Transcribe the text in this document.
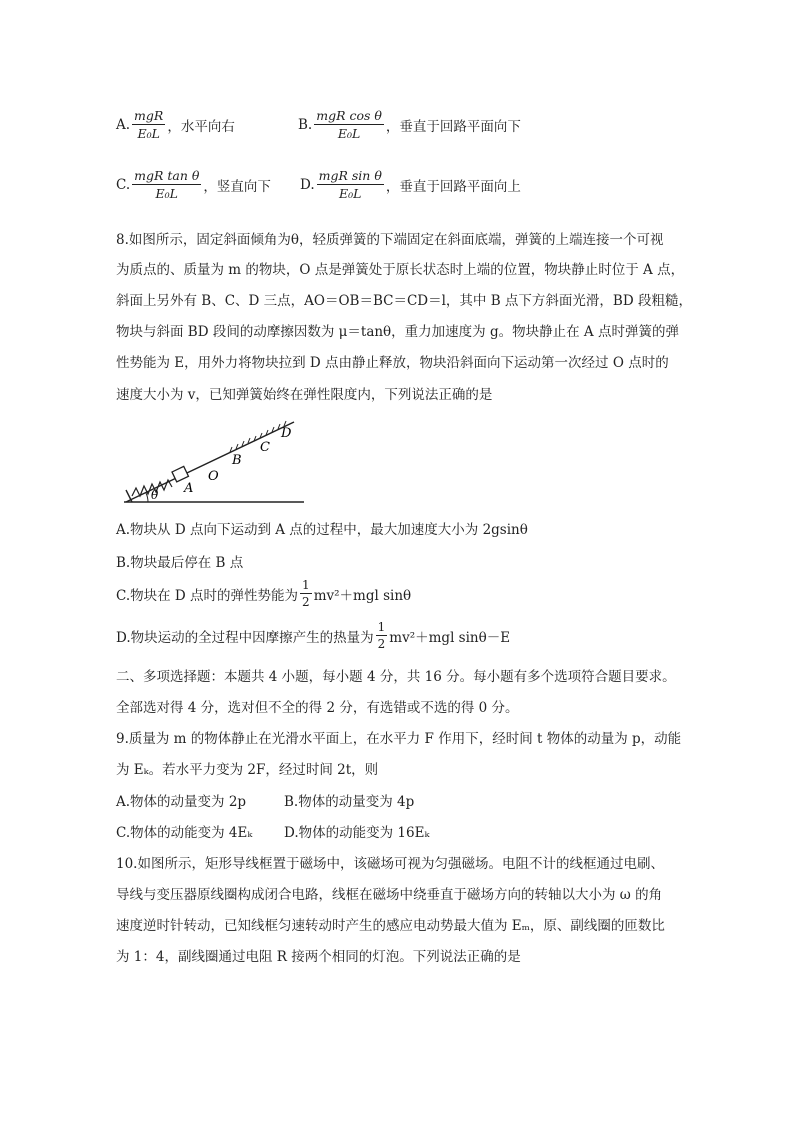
A. $\frac{\text{mgR}}{\text{E₀L}}$ ，水平向右	B. $\frac{\text{mgR cos θ}}{\text{E₀L}}$ ，垂直于回路平面向下
C. $\frac{\text{mgR tan θ}}{\text{E₀L}}$ ，竖直向下 D. $\frac{\text{mgR sin θ}}{\text{E₀L}}$ ，垂直于回路平面向上
8.如图所示，固定斜面倾角为θ，轻质弹簧的下端固定在斜面底端，弹簧的上端连接一个可视
为质点的、质量为 m 的物块，O 点是弹簧处于原长状态时上端的位置，物块静止时位于 A 点，
斜面上另外有 B、C、D 三点，AO＝OB＝BC＝CD＝l，其中 B 点下方斜面光滑，BD 段粗糙，
物块与斜面 BD 段间的动摩擦因数为 μ＝tanθ，重力加速度为 g。物块静止在 A 点时弹簧的弹
性势能为 E，用外力将物块拉到 D 点由静止释放，物块沿斜面向下运动第一次经过 O 点时的
速度大小为 v，已知弹簧始终在弹性限度内，下列说法正确的是
θ A
O
B
C
D
A.物块从 D 点向下运动到 A 点的过程中，最大加速度大小为 2gsinθ
B.物块最后停在 B 点
C.物块在 D 点时的弹性势能为 $\frac{1}{2} mv^2+mgl$ sinθ
D.物块运动的全过程中因摩擦产生的热量为 $\frac{1}{2} mv^2+mgl$ sinθ－E
二、多项选择题：本题共 4 小题，每小题 4 分，共 16 分。每小题有多个选项符合题目要求。
全部选对得 4 分，选对但不全的得 2 分，有选错或不选的得 0 分。
9.质量为 m 的物体静止在光滑水平面上，在水平力 F 作用下，经时间 t 物体的动量为 p，动能
为 Eₖ。若水平力变为 2F，经过时间 2t，则
A.物体的动量变为 2p	B.物体的动量变为 4p
C.物体的动能变为 4Eₖ D.物体的动能变为 16Eₖ
10.如图所示，矩形导线框置于磁场中，该磁场可视为匀强磁场。电阻不计的线框通过电刷、
导线与变压器原线圈构成闭合电路，线框在磁场中绕垂直于磁场方向的转轴以大小为 ω 的角
速度逆时针转动，已知线框匀速转动时产生的感应电动势最大值为 Eₘ，原、副线圈的匝数比
为 1：4，副线圈通过电阻 R 接两个相同的灯泡。下列说法正确的是
